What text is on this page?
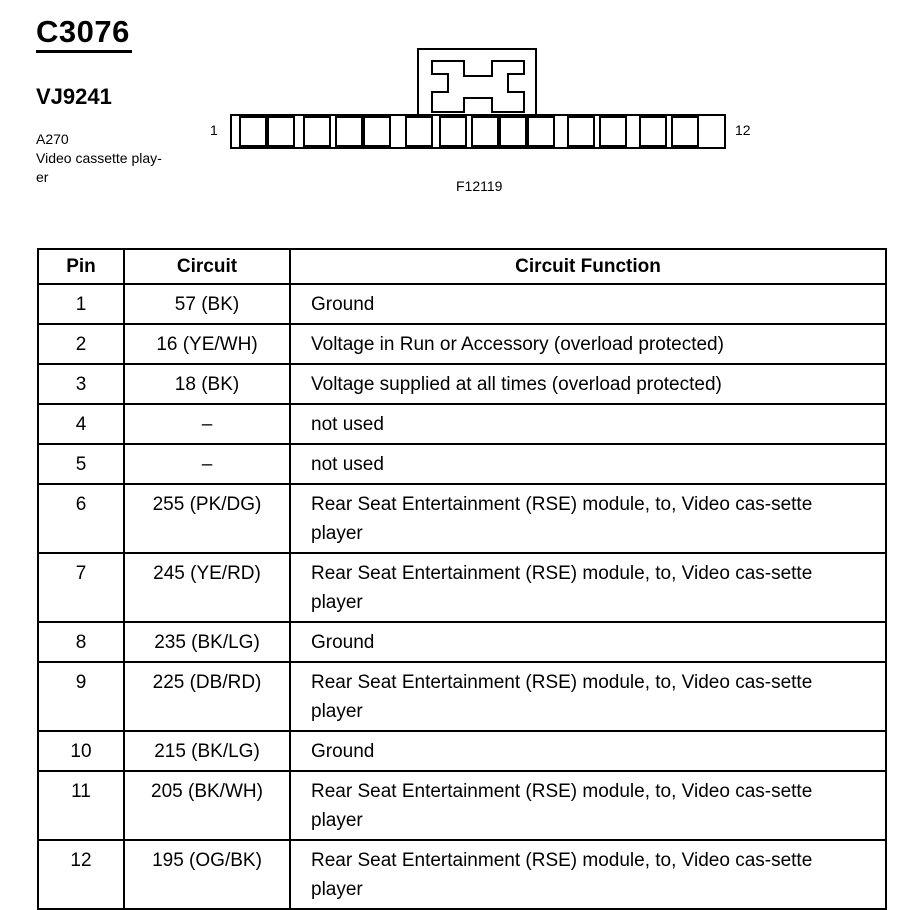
C3076
VJ9241
A270
Video cassette play-
er
1	12
F12119
Pin	Circuit	Circuit Function
1	57 (BK)	Ground

2	16 (YE/WH)	Voltage in Run or Accessory (overload protected)

3	18 (BK)	Voltage supplied at all times (overload protected)

4	–	not used

5	–	not used

6	255 (PK/DG)	Rear Seat Entertainment (RSE) module, to, Video cas-sette player

7	245 (YE/RD)	Rear Seat Entertainment (RSE) module, to, Video cas-sette player

8	235 (BK/LG)	Ground

9	225 (DB/RD)	Rear Seat Entertainment (RSE) module, to, Video cas-sette player

10	215 (BK/LG)	Ground

11	205 (BK/WH)	Rear Seat Entertainment (RSE) module, to, Video cas-sette player

12	195 (OG/BK)	Rear Seat Entertainment (RSE) module, to, Video cas-sette player
